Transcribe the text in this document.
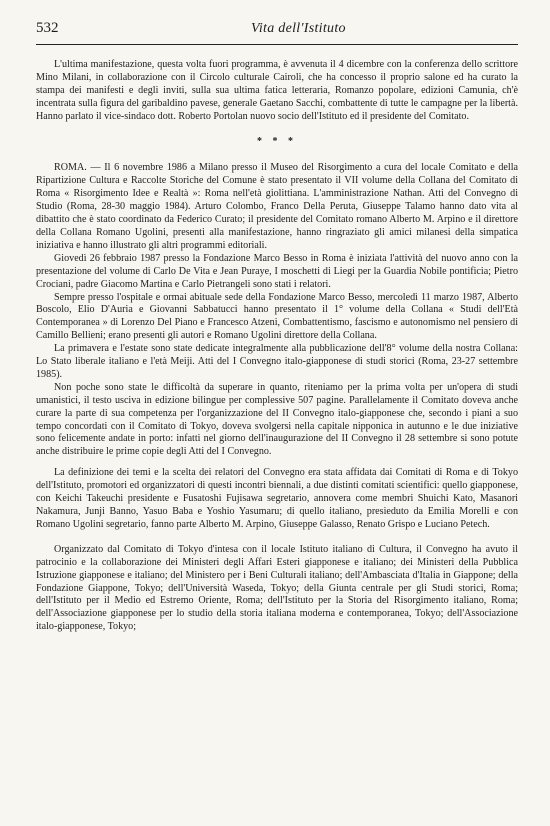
532	Vita dell'Istituto

L'ultima manifestazione, questa volta fuori programma, è avvenuta il 4 dicembre con la conferenza dello scrittore Mino Milani, in collaborazione con il Circolo culturale Cairoli, che ha concesso il proprio salone ed ha curato la stampa dei manifesti e degli inviti, sulla sua ultima fatica letteraria, Romanzo popolare, edizioni Camunia, ch'è incentrata sulla figura del garibaldino pavese, generale Gaetano Sacchi, combattente di tutte le campagne per la libertà. Hanno parlato il vice-sindaco dott. Roberto Portolan nuovo socio dell'Istituto ed il presidente del Comitato.

* * *

ROMA. — Il 6 novembre 1986 a Milano presso il Museo del Risorgimento a cura del locale Comitato e della Ripartizione Cultura e Raccolte Storiche del Comune è stato presentato il VII volume della Collana del Comitato di Roma « Risorgimento Idee e Realtà »: Roma nell'età giolittiana. L'amministrazione Nathan. Atti del Convegno di Studio (Roma, 28-30 maggio 1984). Arturo Colombo, Franco Della Peruta, Giuseppe Talamo hanno dato vita al dibattito che è stato coordinato da Federico Curato; il presidente del Comitato romano Alberto M. Arpino e il direttore della Collana Romano Ugolini, presenti alla manifestazione, hanno ringraziato gli amici milanesi della simpatica iniziativa e hanno illustrato gli altri programmi editoriali.

Giovedì 26 febbraio 1987 presso la Fondazione Marco Besso in Roma è iniziata l'attività del nuovo anno con la presentazione del volume di Carlo De Vita e Jean Puraye, I moschetti di Liegi per la Guardia Nobile pontificia; Pietro Crociani, padre Giacomo Martina e Carlo Pietrangeli sono stati i relatori.

Sempre presso l'ospitale e ormai abituale sede della Fondazione Marco Besso, mercoledì 11 marzo 1987, Alberto Boscolo, Elio D'Auria e Giovanni Sabbatucci hanno presentato il 1° volume della Collana « Studi dell'Età Contemporanea » di Lorenzo Del Piano e Francesco Atzeni, Combattentismo, fascismo e autonomismo nel pensiero di Camillo Bellieni; erano presenti gli autori e Romano Ugolini direttore della Collana.

La primavera e l'estate sono state dedicate integralmente alla pubblicazione dell'8° volume della nostra Collana: Lo Stato liberale italiano e l'età Meiji. Atti del I Convegno italo-giapponese di studi storici (Roma, 23-27 settembre 1985).

Non poche sono state le difficoltà da superare in quanto, riteniamo per la prima volta per un'opera di studi umanistici, il testo usciva in edizione bilingue per complessive 507 pagine. Parallelamente il Comitato doveva anche curare la parte di sua competenza per l'organizzazione del II Convegno italo-giapponese che, secondo i piani a suo tempo concordati con il Comitato di Tokyo, doveva svolgersi nella capitale nipponica in autunno e le due iniziative sono felicemente andate in porto: infatti nel giorno dell'inaugurazione del II Convegno il 28 settembre si sono potute anche distribuire le prime copie degli Atti del I Convegno.

La definizione dei temi e la scelta dei relatori del Convegno era stata affidata dai Comitati di Roma e di Tokyo dell'Istituto, promotori ed organizzatori di questi incontri biennali, a due distinti comitati scientifici: quello giapponese, con Keichi Takeuchi presidente e Fusatoshi Fujisawa segretario, annovera come membri Shuichi Kato, Masanori Nakamura, Junji Banno, Yasuo Baba e Yoshio Yasumaru; di quello italiano, presieduto da Emilia Morelli e con Romano Ugolini segretario, fanno parte Alberto M. Arpino, Giuseppe Galasso, Renato Grispo e Luciano Petech.

Organizzato dal Comitato di Tokyo d'intesa con il locale Istituto italiano di Cultura, il Convegno ha avuto il patrocinio e la collaborazione dei Ministeri degli Affari Esteri giapponese e italiano; dei Ministeri della Pubblica Istruzione giapponese e italiano; del Ministero per i Beni Culturali italiano; dell'Ambasciata d'Italia in Giappone; della Fondazione Giappone, Tokyo; dell'Università Waseda, Tokyo; della Giunta centrale per gli Studi storici, Roma; dell'Istituto per il Medio ed Estremo Oriente, Roma; dell'Istituto per la Storia del Risorgimento italiano, Roma; dell'Associazione giapponese per lo studio della storia italiana moderna e contemporanea, Tokyo; dell'Associazione italo-giapponese, Tokyo;
